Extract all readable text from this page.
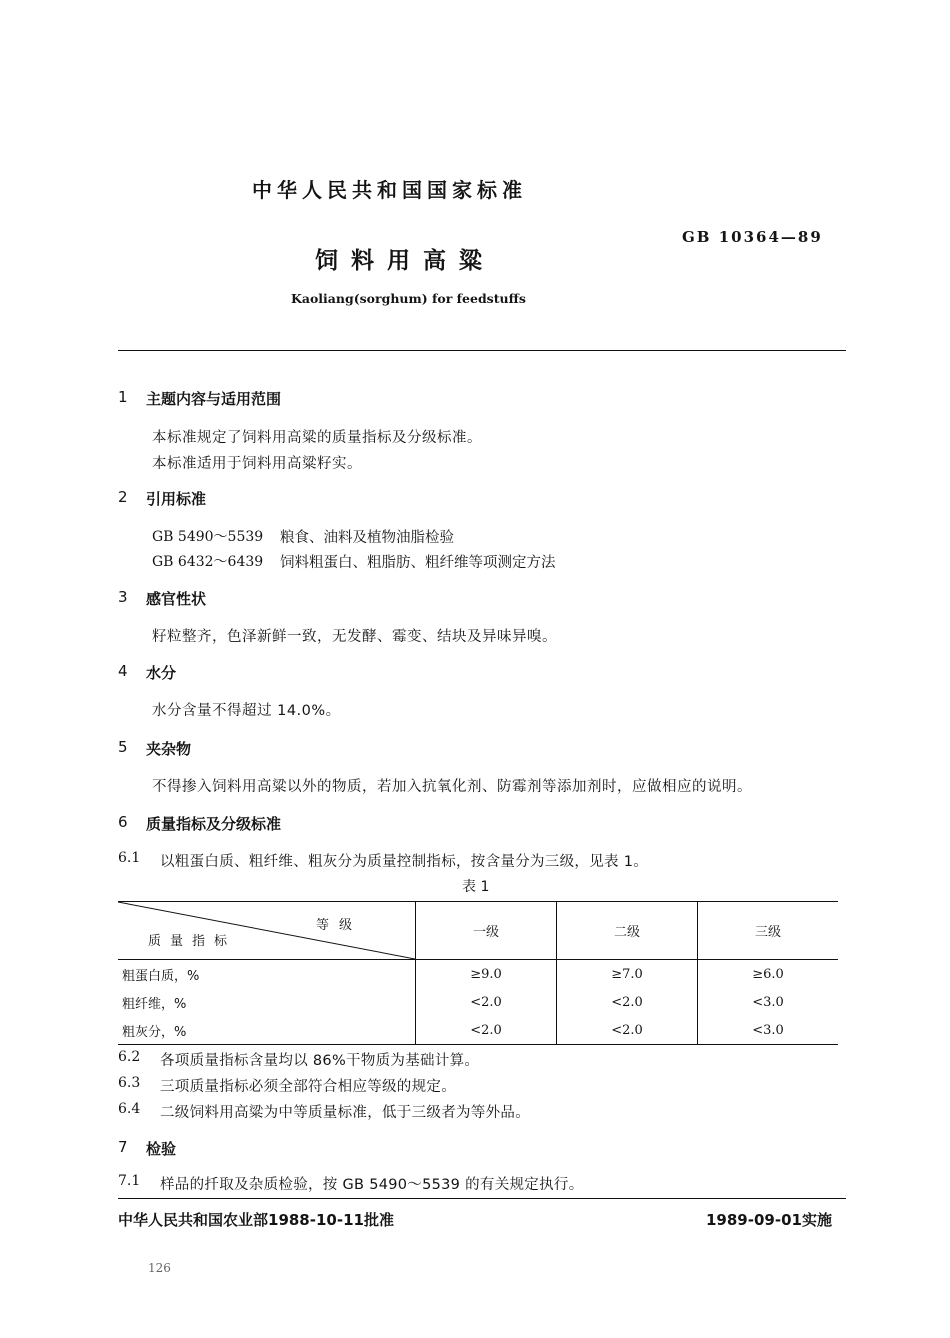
中华人民共和国国家标准
GB 10364—89
饲料用高粱
Kaoliang(sorghum) for feedstuffs
1 主题内容与适用范围
本标准规定了饲料用高粱的质量指标及分级标准。
本标准适用于饲料用高粱籽实。
2 引用标准
GB 5490～5539 粮食、油料及植物油脂检验
GB 6432～6439 饲料粗蛋白、粗脂肪、粗纤维等项测定方法
3 感官性状
籽粒整齐，色泽新鲜一致，无发酵、霉变、结块及异味异嗅。
4 水分
水分含量不得超过 14.0%。
5 夹杂物
不得掺入饲料用高粱以外的物质，若加入抗氧化剂、防霉剂等添加剂时，应做相应的说明。
6 质量指标及分级标准
6.1 以粗蛋白质、粗纤维、粗灰分为质量控制指标，按含量分为三级，见表 1。
表 1
等级
质量指标	一级	二级	三级
粗蛋白质，%	≥9.0	≥7.0	≥6.0
粗纤维，%	<2.0	<2.0	<3.0
粗灰分，%	<2.0	<2.0	<3.0
6.2 各项质量指标含量均以 86%干物质为基础计算。
6.3 三项质量指标必须全部符合相应等级的规定。
6.4 二级饲料用高粱为中等质量标准，低于三级者为等外品。
7 检验
7.1 样品的扦取及杂质检验，按 GB 5490～5539 的有关规定执行。
中华人民共和国农业部1988-10-11批准	1989-09-01实施
126
